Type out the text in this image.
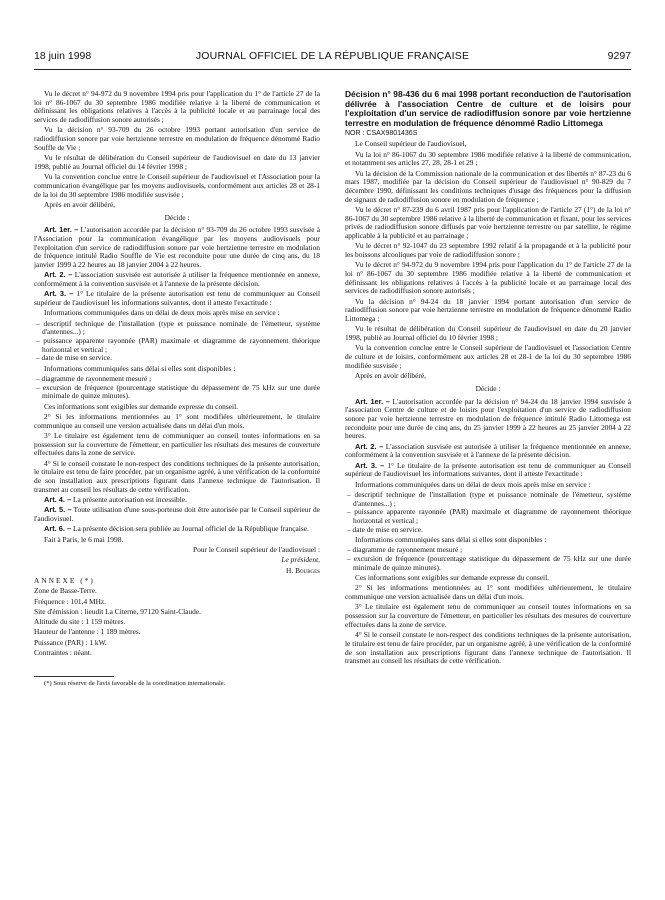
18 juin 1998	JOURNAL OFFICIEL DE LA RÉPUBLIQUE FRANÇAISE	9297

Vu le décret n° 94-972 du 9 novembre 1994 pris pour l'application du 1° de l'article 27 de la loi n° 86-1067 du 30 septembre 1986 modifiée relative à la liberté de communication et définissant les obligations relatives à l'accès à la publicité locale et au parrainage local des services de radiodiffusion sonore autorisés ;

Vu la décision n° 93-709 du 26 octobre 1993 portant autorisation d'un service de radiodiffusion sonore par voie hertzienne terrestre en modulation de fréquence dénommé Radio Souffle de Vie ;

Vu le résultat de délibération du Conseil supérieur de l'audiovisuel en date du 13 janvier 1998, publié au Journal officiel du 14 février 1998 ;

Vu la convention conclue entre le Conseil supérieur de l'audiovisuel et l'Association pour la communication évangélique par les moyens audiovisuels, conformément aux articles 28 et 28-1 de la loi du 30 septembre 1986 modifiée susvisée ;

Après en avoir délibéré,

Décide :

Art. 1er. – L'autorisation accordée par la décision n° 93-709 du 26 octobre 1993 susvisée à l'Association pour la communication évangélique par les moyens audiovisuels pour l'exploitation d'un service de radiodiffusion sonore par voie hertzienne terrestre en modulation de fréquence intitulé Radio Souffle de Vie est reconduite pour une durée de cinq ans, du 18 janvier 1999 à 22 heures au 18 janvier 2004 à 22 heures.

Art. 2. – L'association susvisée est autorisée à utiliser la fréquence mentionnée en annexe, conformément à la convention susvisée et à l'annexe de la présente décision.

Art. 3. – 1° Le titulaire de la présente autorisation est tenu de communiquer au Conseil supérieur de l'audiovisuel les informations suivantes, dont il atteste l'exactitude :

Informations communiquées dans un délai de deux mois après mise en service :

– descriptif technique de l'installation (type et puissance nominale de l'émetteur, système d'antennes...) ;
– puissance apparente rayonnée (PAR) maximale et diagramme de rayonnement théorique horizontal et vertical ;
– date de mise en service.

Informations communiquées sans délai si elles sont disponibles :

– diagramme de rayonnement mesuré ;
– excursion de fréquence (pourcentage statistique du dépassement de 75 kHz sur une durée minimale de quinze minutes).

Ces informations sont exigibles sur demande expresse du conseil.

2° Si les informations mentionnées au 1° sont modifiées ultérieurement, le titulaire communique au conseil une version actualisée dans un délai d'un mois.

3° Le titulaire est également tenu de communiquer au conseil toutes informations en sa possession sur la couverture de l'émetteur, en particulier les résultats des mesures de couverture effectuées dans la zone de service.

4° Si le conseil constate le non-respect des conditions techniques de la présente autorisation, le titulaire est tenu de faire procéder, par un organisme agréé, à une vérification de la conformité de son installation aux prescriptions figurant dans l'annexe technique de l'autorisation. Il transmet au conseil les résultats de cette vérification.

Art. 4. – La présente autorisation est incessible.

Art. 5. – Toute utilisation d'une sous-porteuse doit être autorisée par le Conseil supérieur de l'audiovisuel.

Art. 6. – La présente décision sera publiée au Journal officiel de la République française.

Fait à Paris, le 6 mai 1998.

Pour le Conseil supérieur de l'audiovisuel :

Le président,

H. Bourges

ANNEXE (*)

Zone de Basse-Terre.

Fréquence : 101,4 MHz.

Site d'émission : lieudit La Citerne, 97120 Saint-Claude.

Altitude du site : 1 159 mètres.

Hauteur de l'antenne : 1 189 mètres.

Puissance (PAR) : 1 kW.

Contraintes : néant.

(*) Sous réserve de l'avis favorable de la coordination internationale.

Décision n° 98-436 du 6 mai 1998 portant reconduction de l'autorisation délivrée à l'association Centre de culture et de loisirs pour l'exploitation d'un service de radiodiffusion sonore par voie hertzienne terrestre en modulation de fréquence dénommé Radio Littomega

NOR : CSAX9801436S

Le Conseil supérieur de l'audiovisuel,

Vu la loi n° 86-1067 du 30 septembre 1986 modifiée relative à la liberté de communication, et notamment ses articles 27, 28, 28-1 et 29 ;

Vu la décision de la Commission nationale de la communication et des libertés n° 87-23 du 6 mars 1987, modifiée par la décision du Conseil supérieur de l'audiovisuel n° 90-829 du 7 décembre 1990, définissant les conditions techniques d'usage des fréquences pour la diffusion de signaux de radiodiffusion sonore en modulation de fréquence ;

Vu le décret n° 87-239 du 6 avril 1987 pris pour l'application de l'article 27 (1°) de la loi n° 86-1067 du 30 septembre 1986 relative à la liberté de communication et fixant, pour les services privés de radiodiffusion sonore diffusés par voie hertzienne terrestre ou par satellite, le régime applicable à la publicité et au parrainage ;

Vu le décret n° 92-1047 du 23 septembre 1992 relatif à la propagande et à la publicité pour les boissons alcooliques par voie de radiodiffusion sonore ;

Vu le décret n° 94-972 du 9 novembre 1994 pris pour l'application du 1° de l'article 27 de la loi n° 86-1067 du 30 septembre 1986 modifiée relative à la liberté de communication et définissant les obligations relatives à l'accès à la publicité locale et au parrainage local des services de radiodiffusion sonore autorisés ;

Vu la décision n° 94-24 du 18 janvier 1994 portant autorisation d'un service de radiodiffusion sonore par voie hertzienne terrestre en modulation de fréquence dénommé Radio Littomega ;

Vu le résultat de délibération du Conseil supérieur de l'audiovisuel en date du 20 janvier 1998, publié au Journal officiel du 10 février 1998 ;

Vu la convention conclue entre le Conseil supérieur de l'audiovisuel et l'association Centre de culture et de loisirs, conformément aux articles 28 et 28-1 de la loi du 30 septembre 1986 modifiée susvisée ;

Après en avoir délibéré,

Décide :

Art. 1er. – L'autorisation accordée par la décision n° 94-24 du 18 janvier 1994 susvisée à l'association Centre de culture et de loisirs pour l'exploitation d'un service de radiodiffusion sonore par voie hertzienne terrestre en modulation de fréquence intitulé Radio Littomega est reconduite pour une durée de cinq ans, du 25 janvier 1999 à 22 heures au 25 janvier 2004 à 22 heures.

Art. 2. – L'association susvisée est autorisée à utiliser la fréquence mentionnée en annexe, conformément à la convention susvisée et à l'annexe de la présente décision.

Art. 3. – 1° Le titulaire de la présente autorisation est tenu de communiquer au Conseil supérieur de l'audiovisuel les informations suivantes, dont il atteste l'exactitude :

Informations communiquées dans un délai de deux mois après mise en service :

– descriptif technique de l'installation (type et puissance nominale de l'émetteur, système d'antennes...) ;
– puissance apparente rayonnée (PAR) maximale et diagramme de rayonnement théorique horizontal et vertical ;
– date de mise en service.

Informations communiquées sans délai si elles sont disponibles :

– diagramme de rayonnement mesuré ;
– excursion de fréquence (pourcentage statistique du dépassement de 75 kHz sur une durée minimale de quinze minutes).

Ces informations sont exigibles sur demande expresse du conseil.

2° Si les informations mentionnées au 1° sont modifiées ultérieurement, le titulaire communique une version actualisée dans un délai d'un mois.

3° Le titulaire est également tenu de communiquer au conseil toutes informations en sa possession sur la couverture de l'émetteur, en particulier les résultats des mesures de couverture effectuées dans la zone de service.

4° Si le conseil constate le non-respect des conditions techniques de la présente autorisation, le titulaire est tenu de faire procéder, par un organisme agréé, à une vérification de la conformité de son installation aux prescriptions figurant dans l'annexe technique de l'autorisation. Il transmet au conseil les résultats de cette vérification.
